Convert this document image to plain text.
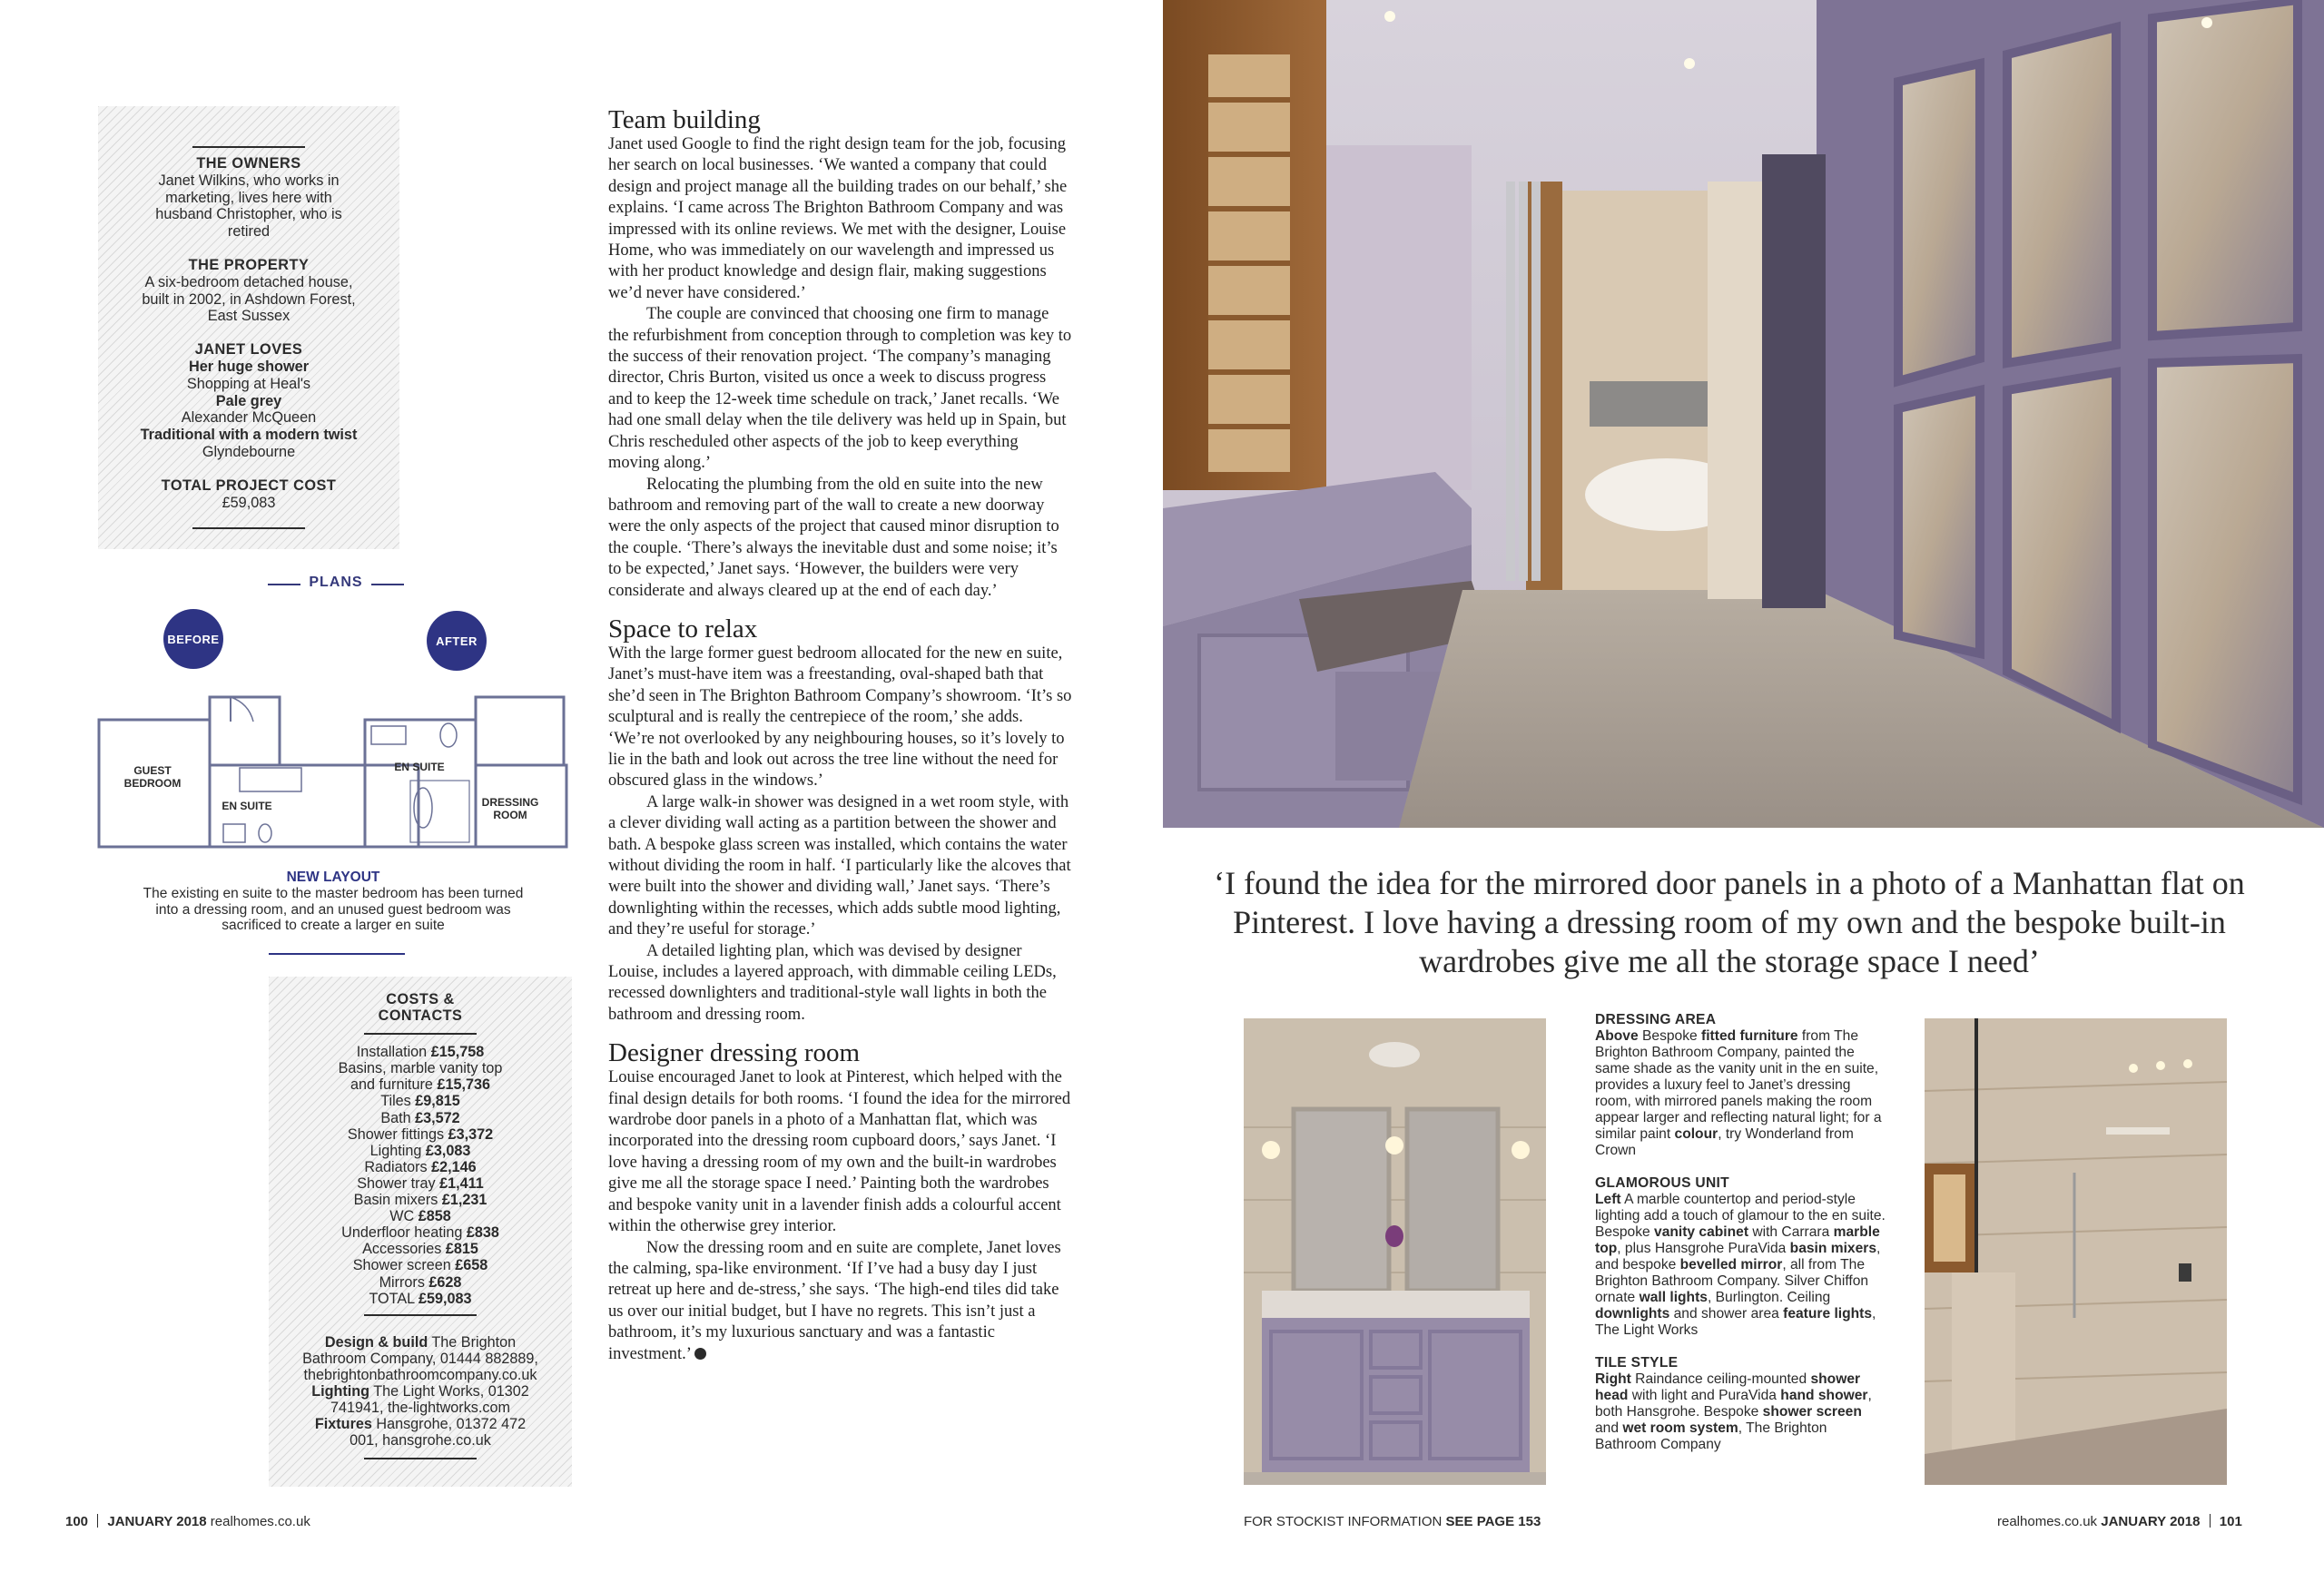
THE OWNERS
Janet Wilkins, who works in marketing, lives here with husband Christopher, who is retired
THE PROPERTY
A six-bedroom detached house, built in 2002, in Ashdown Forest, East Sussex
JANET LOVES
Her huge shower
Shopping at Heal's
Pale grey
Alexander McQueen
Traditional with a modern twist
Glyndebourne
TOTAL PROJECT COST
£59,083
PLANS
BEFORE	AFTER
GUEST BEDROOM
EN SUITE
EN SUITE
DRESSING ROOM
NEW LAYOUT
The existing en suite to the master bedroom has been turned into a dressing room, and an unused guest bedroom was sacrificed to create a larger en suite
COSTS &
CONTACTS
Installation £15,758
Basins, marble vanity top
and furniture £15,736
Tiles £9,815
Bath £3,572
Shower fittings £3,372
Lighting £3,083
Radiators £2,146
Shower tray £1,411
Basin mixers £1,231
WC £858
Underfloor heating £838
Accessories £815
Shower screen £658
Mirrors £628
TOTAL £59,083
Design & build The Brighton Bathroom Company, 01444 882889, thebrightonbathroomcompany.co.uk
Lighting The Light Works, 01302 741941, the-lightworks.com
Fixtures Hansgrohe, 01372 472 001, hansgrohe.co.uk
Team building

Janet used Google to find the right design team for the job, focusing her search on local businesses. ‘We wanted a company that could design and project manage all the building trades on our behalf,’ she explains. ‘I came across The Brighton Bathroom Company and was impressed with its online reviews. We met with the designer, Louise Home, who was immediately on our wavelength and impressed us with her product knowledge and design flair, making suggestions we’d never have considered.’

The couple are convinced that choosing one firm to manage the refurbishment from conception through to completion was key to the success of their renovation project. ‘The company’s managing director, Chris Burton, visited us once a week to discuss progress and to keep the 12-week time schedule on track,’ Janet recalls. ‘We had one small delay when the tile delivery was held up in Spain, but Chris rescheduled other aspects of the job to keep everything moving along.’

Relocating the plumbing from the old en suite into the new bathroom and removing part of the wall to create a new doorway were the only aspects of the project that caused minor disruption to the couple. ‘There’s always the inevitable dust and some noise; it’s to be expected,’ Janet says. ‘However, the builders were very considerate and always cleared up at the end of each day.’

Space to relax

With the large former guest bedroom allocated for the new en suite, Janet’s must-have item was a freestanding, oval-shaped bath that she’d seen in The Brighton Bathroom Company’s showroom. ‘It’s so sculptural and is really the centrepiece of the room,’ she adds. ‘We’re not overlooked by any neighbouring houses, so it’s lovely to lie in the bath and look out across the tree line without the need for obscured glass in the windows.’

A large walk-in shower was designed in a wet room style, with a clever dividing wall acting as a partition between the shower and bath. A bespoke glass screen was installed, which contains the water without dividing the room in half. ‘I particularly like the alcoves that were built into the shower and dividing wall,’ Janet says. ‘There’s downlighting within the recesses, which adds subtle mood lighting, and they’re useful for storage.’

A detailed lighting plan, which was devised by designer Louise, includes a layered approach, with dimmable ceiling LEDs, recessed downlighters and traditional-style wall lights in both the bathroom and dressing room.

Designer dressing room

Louise encouraged Janet to look at Pinterest, which helped with the final design details for both rooms. ‘I found the idea for the mirrored wardrobe door panels in a photo of a Manhattan flat, which was incorporated into the dressing room cupboard doors,’ says Janet. ‘I love having a dressing room of my own and the built-in wardrobes give me all the storage space I need.’ Painting both the wardrobes and bespoke vanity unit in a lavender finish adds a colourful accent within the otherwise grey interior.

Now the dressing room and en suite are complete, Janet loves the calming, spa-like environment. ‘If I’ve had a busy day I just retreat up here and de-stress,’ she says. ‘The high-end tiles did take us over our initial budget, but I have no regrets. This isn’t just a bathroom, it’s my luxurious sanctuary and was a fantastic investment.’

‘I found the idea for the mirrored door panels in a photo of a Manhattan flat on Pinterest. I love having a dressing room of my own and the bespoke built-in wardrobes give me all the storage space I need’
DRESSING AREA
Above Bespoke fitted furniture from The Brighton Bathroom Company, painted the same shade as the vanity unit in the en suite, provides a luxury feel to Janet’s dressing room, with mirrored panels making the room appear larger and reflecting natural light; for a similar paint colour, try Wonderland from Crown
GLAMOROUS UNIT
Left A marble countertop and period-style lighting add a touch of glamour to the en suite. Bespoke vanity cabinet with Carrara marble top, plus Hansgrohe PuraVida basin mixers, and bespoke bevelled mirror, all from The Brighton Bathroom Company. Silver Chiffon ornate wall lights, Burlington. Ceiling downlights and shower area feature lights, The Light Works
TILE STYLE
Right Raindance ceiling-mounted shower head with light and PuraVida hand shower, both Hansgrohe. Bespoke shower screen and wet room system, The Brighton Bathroom Company
100 JANUARY 2018 realhomes.co.uk	FOR STOCKIST INFORMATION SEE PAGE 153	realhomes.co.uk JANUARY 2018 101
